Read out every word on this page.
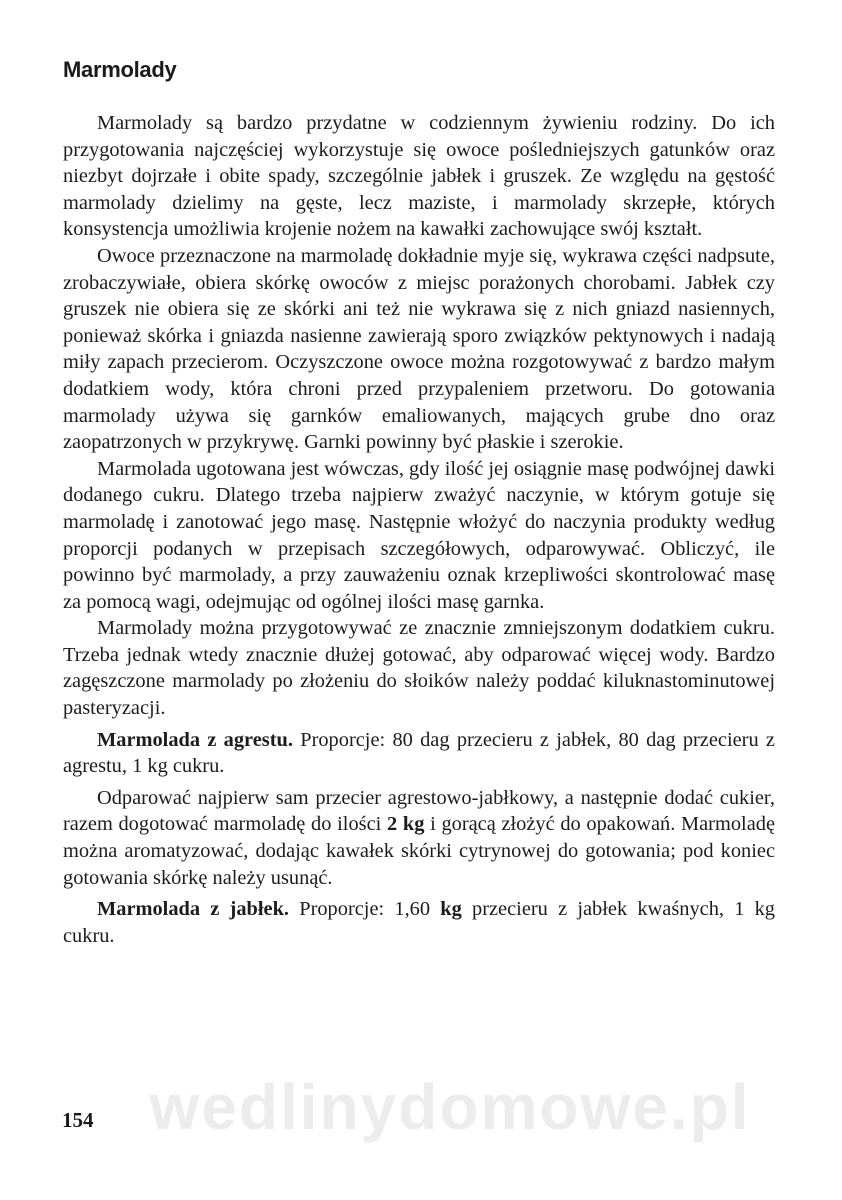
Marmolady

Marmolady są bardzo przydatne w codziennym żywieniu rodziny. Do ich przygotowania najczęściej wykorzystuje się owoce pośledniejszych gatunków oraz niezbyt dojrzałe i obite spady, szczególnie jabłek i gruszek. Ze względu na gęstość marmolady dzielimy na gęste, lecz maziste, i marmolady skrzepłe, których konsystencja umożliwia krojenie nożem na kawałki zachowujące swój kształt.

Owoce przeznaczone na marmoladę dokładnie myje się, wykrawa części nadpsute, zrobaczywiałe, obiera skórkę owoców z miejsc porażonych chorobami. Jabłek czy gruszek nie obiera się ze skórki ani też nie wykrawa się z nich gniazd nasiennych, ponieważ skórka i gniazda nasienne zawierają sporo związków pektynowych i nadają miły zapach przecierom. Oczyszczone owoce można rozgotowywać z bardzo małym dodatkiem wody, która chroni przed przypaleniem przetworu. Do gotowania marmolady używa się garnków emaliowanych, mających grube dno oraz zaopatrzonych w przykrywę. Garnki powinny być płaskie i szerokie.

Marmolada ugotowana jest wówczas, gdy ilość jej osiągnie masę podwójnej dawki dodanego cukru. Dlatego trzeba najpierw zważyć naczynie, w którym gotuje się marmoladę i zanotować jego masę. Następnie włożyć do naczynia produkty według proporcji podanych w przepisach szczegółowych, odparowywać. Obliczyć, ile powinno być marmolady, a przy zauważeniu oznak krzepliwości skontrolować masę za pomocą wagi, odejmując od ogólnej ilości masę garnka.

Marmolady można przygotowywać ze znacznie zmniejszonym dodatkiem cukru. Trzeba jednak wtedy znacznie dłużej gotować, aby odparować więcej wody. Bardzo zagęszczone marmolady po złożeniu do słoików należy poddać kiluknastominutowej pasteryzacji.

Marmolada z agrestu. Proporcje: 80 dag przecieru z jabłek, 80 dag przecieru z agrestu, 1 kg cukru.

Odparować najpierw sam przecier agrestowo-jabłkowy, a następnie dodać cukier, razem dogotować marmoladę do ilości 2 kg i gorącą złożyć do opakowań. Marmoladę można aromatyzować, dodając kawałek skórki cytrynowej do gotowania; pod koniec gotowania skórkę należy usunąć.

Marmolada z jabłek. Proporcje: 1,60 kg przecieru z jabłek kwaśnych, 1 kg cukru.

wedlinydomowe.pl
154
